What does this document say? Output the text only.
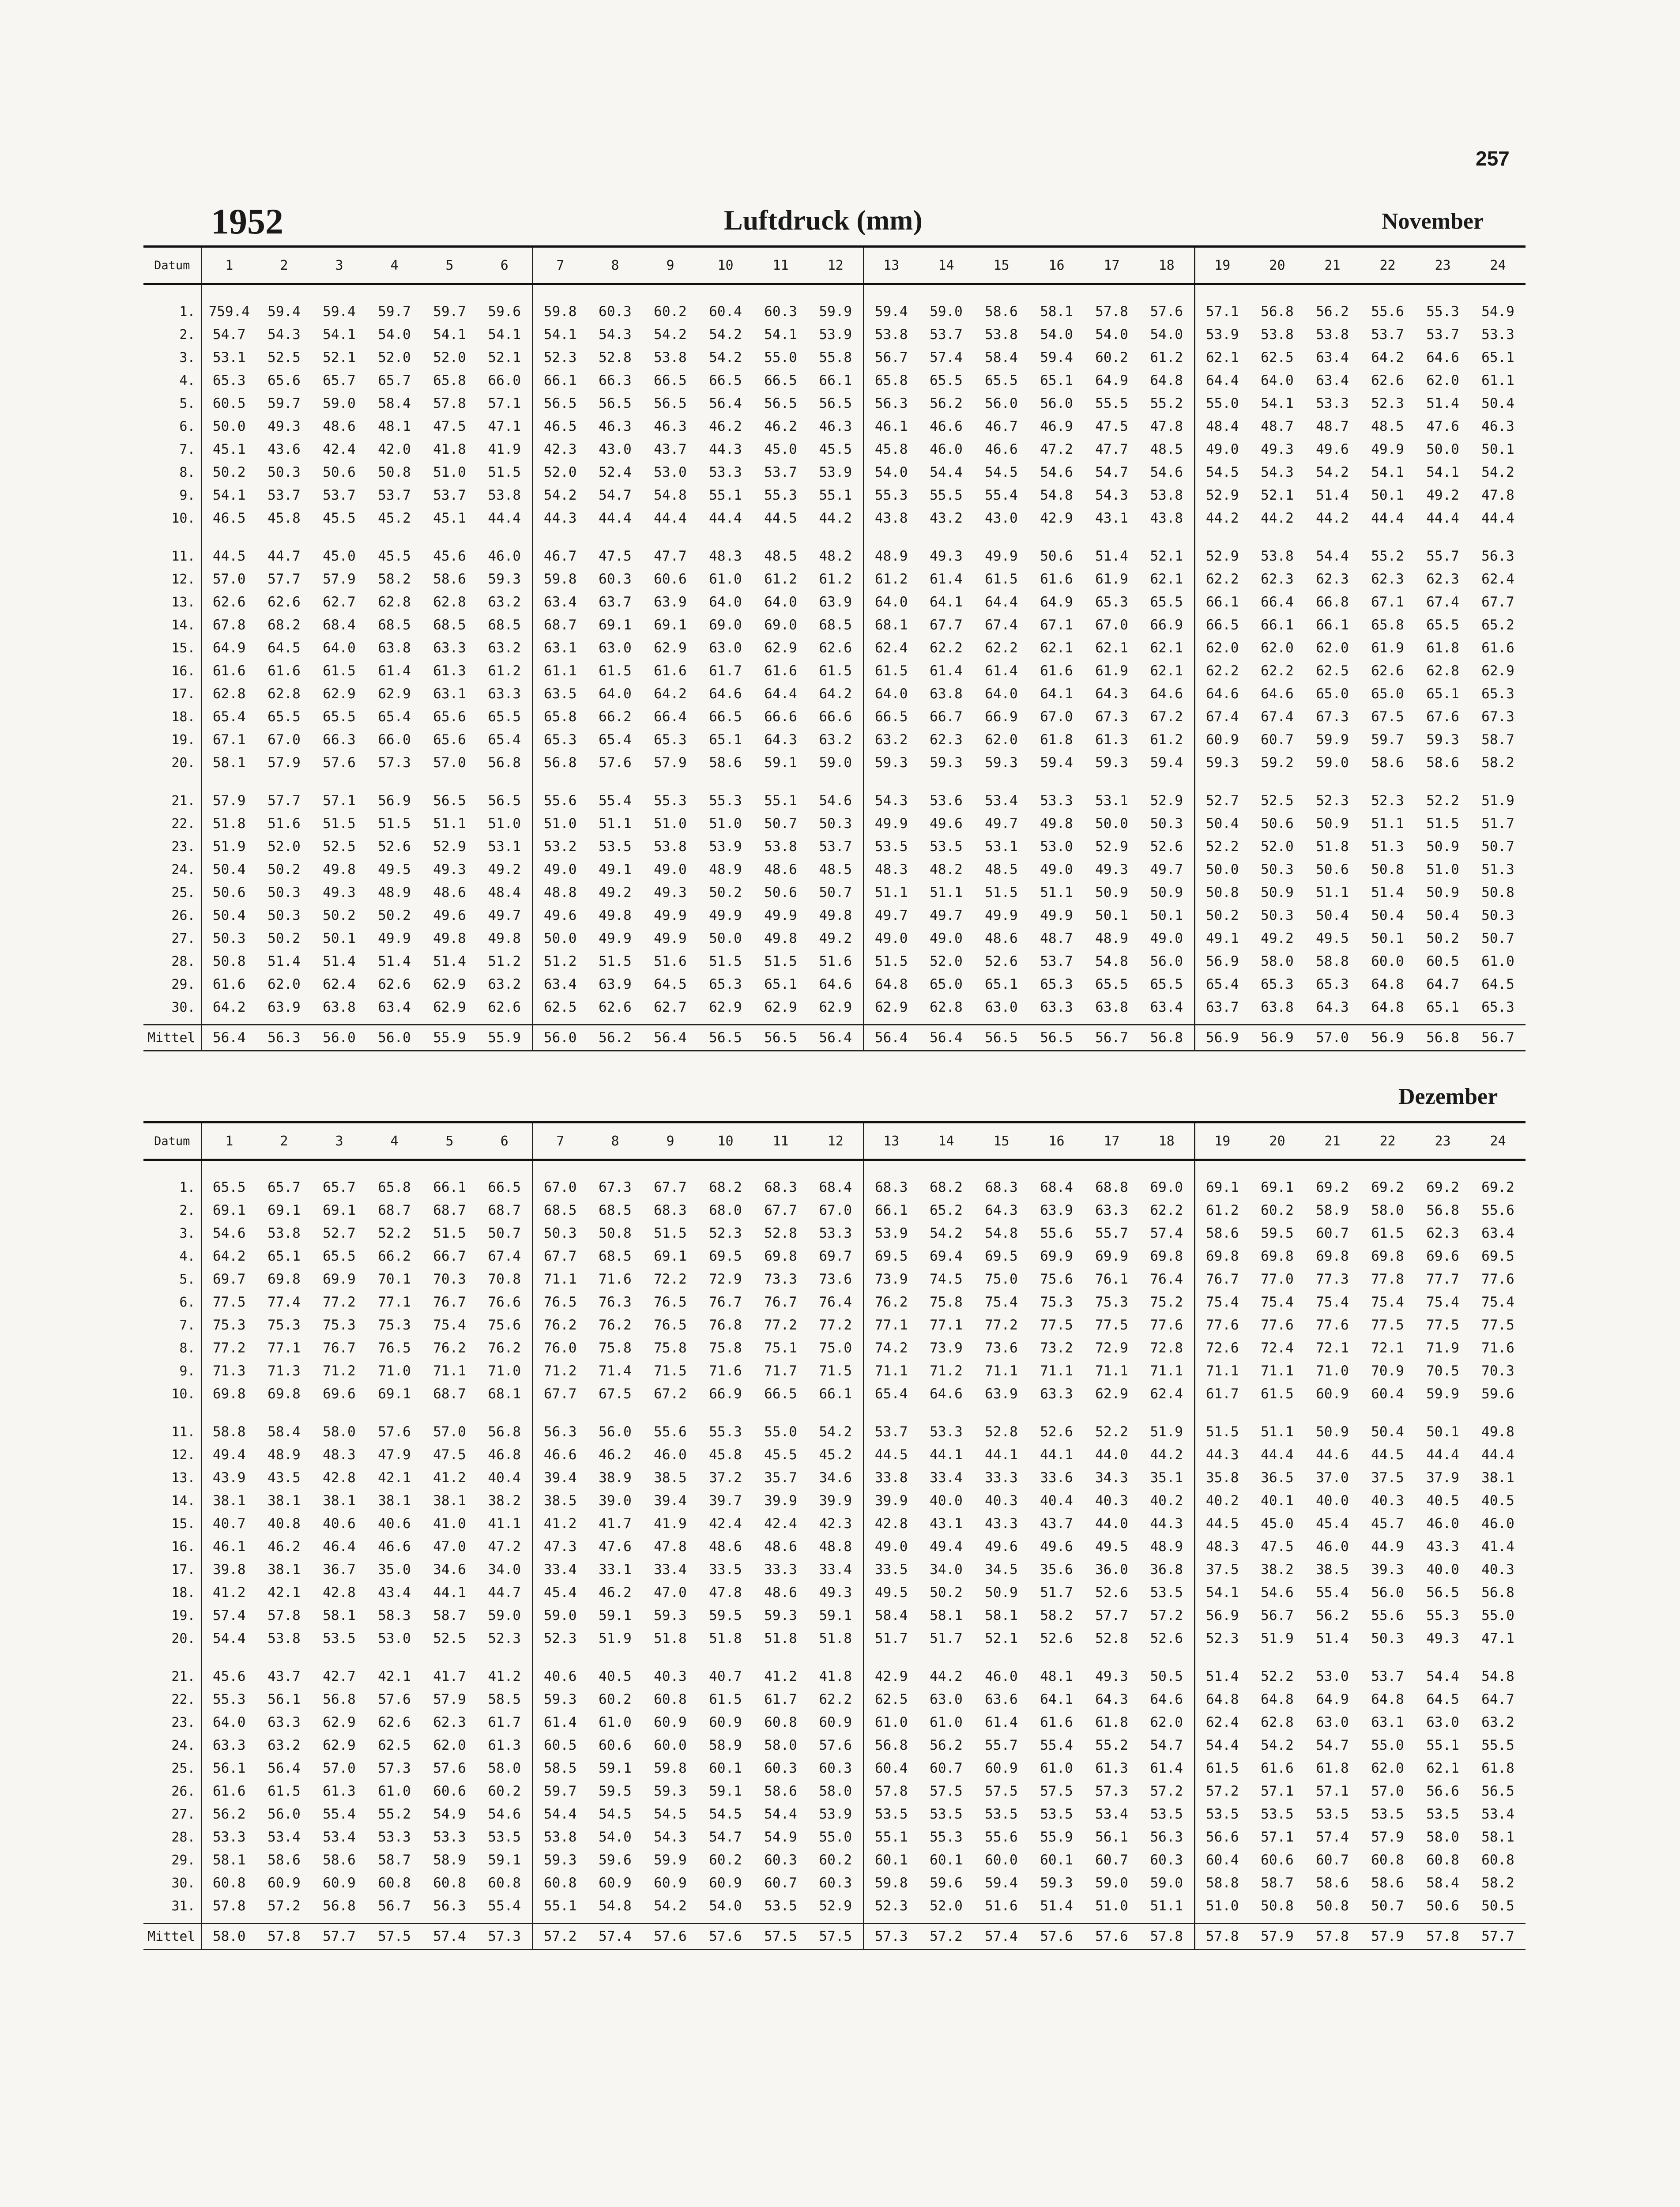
257
1952	Luftdruck (mm)	November
Datum	1	2	3	4	5	6	7	8	9	10	11	12	13	14	15	16	17	18	19	20	21	22	23	24
1.	759.4	59.4	59.4	59.7	59.7	59.6	59.8	60.3	60.2	60.4	60.3	59.9	59.4	59.0	58.6	58.1	57.8	57.6	57.1	56.8	56.2	55.6	55.3	54.9
2.	54.7	54.3	54.1	54.0	54.1	54.1	54.1	54.3	54.2	54.2	54.1	53.9	53.8	53.7	53.8	54.0	54.0	54.0	53.9	53.8	53.8	53.7	53.7	53.3
3.	53.1	52.5	52.1	52.0	52.0	52.1	52.3	52.8	53.8	54.2	55.0	55.8	56.7	57.4	58.4	59.4	60.2	61.2	62.1	62.5	63.4	64.2	64.6	65.1
4.	65.3	65.6	65.7	65.7	65.8	66.0	66.1	66.3	66.5	66.5	66.5	66.1	65.8	65.5	65.5	65.1	64.9	64.8	64.4	64.0	63.4	62.6	62.0	61.1
5.	60.5	59.7	59.0	58.4	57.8	57.1	56.5	56.5	56.5	56.4	56.5	56.5	56.3	56.2	56.0	56.0	55.5	55.2	55.0	54.1	53.3	52.3	51.4	50.4
6.	50.0	49.3	48.6	48.1	47.5	47.1	46.5	46.3	46.3	46.2	46.2	46.3	46.1	46.6	46.7	46.9	47.5	47.8	48.4	48.7	48.7	48.5	47.6	46.3
7.	45.1	43.6	42.4	42.0	41.8	41.9	42.3	43.0	43.7	44.3	45.0	45.5	45.8	46.0	46.6	47.2	47.7	48.5	49.0	49.3	49.6	49.9	50.0	50.1
8.	50.2	50.3	50.6	50.8	51.0	51.5	52.0	52.4	53.0	53.3	53.7	53.9	54.0	54.4	54.5	54.6	54.7	54.6	54.5	54.3	54.2	54.1	54.1	54.2
9.	54.1	53.7	53.7	53.7	53.7	53.8	54.2	54.7	54.8	55.1	55.3	55.1	55.3	55.5	55.4	54.8	54.3	53.8	52.9	52.1	51.4	50.1	49.2	47.8
10.	46.5	45.8	45.5	45.2	45.1	44.4	44.3	44.4	44.4	44.4	44.5	44.2	43.8	43.2	43.0	42.9	43.1	43.8	44.2	44.2	44.2	44.4	44.4	44.4
11.	44.5	44.7	45.0	45.5	45.6	46.0	46.7	47.5	47.7	48.3	48.5	48.2	48.9	49.3	49.9	50.6	51.4	52.1	52.9	53.8	54.4	55.2	55.7	56.3
12.	57.0	57.7	57.9	58.2	58.6	59.3	59.8	60.3	60.6	61.0	61.2	61.2	61.2	61.4	61.5	61.6	61.9	62.1	62.2	62.3	62.3	62.3	62.3	62.4
13.	62.6	62.6	62.7	62.8	62.8	63.2	63.4	63.7	63.9	64.0	64.0	63.9	64.0	64.1	64.4	64.9	65.3	65.5	66.1	66.4	66.8	67.1	67.4	67.7
14.	67.8	68.2	68.4	68.5	68.5	68.5	68.7	69.1	69.1	69.0	69.0	68.5	68.1	67.7	67.4	67.1	67.0	66.9	66.5	66.1	66.1	65.8	65.5	65.2
15.	64.9	64.5	64.0	63.8	63.3	63.2	63.1	63.0	62.9	63.0	62.9	62.6	62.4	62.2	62.2	62.1	62.1	62.1	62.0	62.0	62.0	61.9	61.8	61.6
16.	61.6	61.6	61.5	61.4	61.3	61.2	61.1	61.5	61.6	61.7	61.6	61.5	61.5	61.4	61.4	61.6	61.9	62.1	62.2	62.2	62.5	62.6	62.8	62.9
17.	62.8	62.8	62.9	62.9	63.1	63.3	63.5	64.0	64.2	64.6	64.4	64.2	64.0	63.8	64.0	64.1	64.3	64.6	64.6	64.6	65.0	65.0	65.1	65.3
18.	65.4	65.5	65.5	65.4	65.6	65.5	65.8	66.2	66.4	66.5	66.6	66.6	66.5	66.7	66.9	67.0	67.3	67.2	67.4	67.4	67.3	67.5	67.6	67.3
19.	67.1	67.0	66.3	66.0	65.6	65.4	65.3	65.4	65.3	65.1	64.3	63.2	63.2	62.3	62.0	61.8	61.3	61.2	60.9	60.7	59.9	59.7	59.3	58.7
20.	58.1	57.9	57.6	57.3	57.0	56.8	56.8	57.6	57.9	58.6	59.1	59.0	59.3	59.3	59.3	59.4	59.3	59.4	59.3	59.2	59.0	58.6	58.6	58.2
21.	57.9	57.7	57.1	56.9	56.5	56.5	55.6	55.4	55.3	55.3	55.1	54.6	54.3	53.6	53.4	53.3	53.1	52.9	52.7	52.5	52.3	52.3	52.2	51.9
22.	51.8	51.6	51.5	51.5	51.1	51.0	51.0	51.1	51.0	51.0	50.7	50.3	49.9	49.6	49.7	49.8	50.0	50.3	50.4	50.6	50.9	51.1	51.5	51.7
23.	51.9	52.0	52.5	52.6	52.9	53.1	53.2	53.5	53.8	53.9	53.8	53.7	53.5	53.5	53.1	53.0	52.9	52.6	52.2	52.0	51.8	51.3	50.9	50.7
24.	50.4	50.2	49.8	49.5	49.3	49.2	49.0	49.1	49.0	48.9	48.6	48.5	48.3	48.2	48.5	49.0	49.3	49.7	50.0	50.3	50.6	50.8	51.0	51.3
25.	50.6	50.3	49.3	48.9	48.6	48.4	48.8	49.2	49.3	50.2	50.6	50.7	51.1	51.1	51.5	51.1	50.9	50.9	50.8	50.9	51.1	51.4	50.9	50.8
26.	50.4	50.3	50.2	50.2	49.6	49.7	49.6	49.8	49.9	49.9	49.9	49.8	49.7	49.7	49.9	49.9	50.1	50.1	50.2	50.3	50.4	50.4	50.4	50.3
27.	50.3	50.2	50.1	49.9	49.8	49.8	50.0	49.9	49.9	50.0	49.8	49.2	49.0	49.0	48.6	48.7	48.9	49.0	49.1	49.2	49.5	50.1	50.2	50.7
28.	50.8	51.4	51.4	51.4	51.4	51.2	51.2	51.5	51.6	51.5	51.5	51.6	51.5	52.0	52.6	53.7	54.8	56.0	56.9	58.0	58.8	60.0	60.5	61.0
29.	61.6	62.0	62.4	62.6	62.9	63.2	63.4	63.9	64.5	65.3	65.1	64.6	64.8	65.0	65.1	65.3	65.5	65.5	65.4	65.3	65.3	64.8	64.7	64.5
30.	64.2	63.9	63.8	63.4	62.9	62.6	62.5	62.6	62.7	62.9	62.9	62.9	62.9	62.8	63.0	63.3	63.8	63.4	63.7	63.8	64.3	64.8	65.1	65.3
Mittel	56.4	56.3	56.0	56.0	55.9	55.9	56.0	56.2	56.4	56.5	56.5	56.4	56.4	56.4	56.5	56.5	56.7	56.8	56.9	56.9	57.0	56.9	56.8	56.7
Dezember
Datum	1	2	3	4	5	6	7	8	9	10	11	12	13	14	15	16	17	18	19	20	21	22	23	24
1.	65.5	65.7	65.7	65.8	66.1	66.5	67.0	67.3	67.7	68.2	68.3	68.4	68.3	68.2	68.3	68.4	68.8	69.0	69.1	69.1	69.2	69.2	69.2	69.2
2.	69.1	69.1	69.1	68.7	68.7	68.7	68.5	68.5	68.3	68.0	67.7	67.0	66.1	65.2	64.3	63.9	63.3	62.2	61.2	60.2	58.9	58.0	56.8	55.6
3.	54.6	53.8	52.7	52.2	51.5	50.7	50.3	50.8	51.5	52.3	52.8	53.3	53.9	54.2	54.8	55.6	55.7	57.4	58.6	59.5	60.7	61.5	62.3	63.4
4.	64.2	65.1	65.5	66.2	66.7	67.4	67.7	68.5	69.1	69.5	69.8	69.7	69.5	69.4	69.5	69.9	69.9	69.8	69.8	69.8	69.8	69.8	69.6	69.5
5.	69.7	69.8	69.9	70.1	70.3	70.8	71.1	71.6	72.2	72.9	73.3	73.6	73.9	74.5	75.0	75.6	76.1	76.4	76.7	77.0	77.3	77.8	77.7	77.6
6.	77.5	77.4	77.2	77.1	76.7	76.6	76.5	76.3	76.5	76.7	76.7	76.4	76.2	75.8	75.4	75.3	75.3	75.2	75.4	75.4	75.4	75.4	75.4	75.4
7.	75.3	75.3	75.3	75.3	75.4	75.6	76.2	76.2	76.5	76.8	77.2	77.2	77.1	77.1	77.2	77.5	77.5	77.6	77.6	77.6	77.6	77.5	77.5	77.5
8.	77.2	77.1	76.7	76.5	76.2	76.2	76.0	75.8	75.8	75.8	75.1	75.0	74.2	73.9	73.6	73.2	72.9	72.8	72.6	72.4	72.1	72.1	71.9	71.6
9.	71.3	71.3	71.2	71.0	71.1	71.0	71.2	71.4	71.5	71.6	71.7	71.5	71.1	71.2	71.1	71.1	71.1	71.1	71.1	71.1	71.0	70.9	70.5	70.3
10.	69.8	69.8	69.6	69.1	68.7	68.1	67.7	67.5	67.2	66.9	66.5	66.1	65.4	64.6	63.9	63.3	62.9	62.4	61.7	61.5	60.9	60.4	59.9	59.6
11.	58.8	58.4	58.0	57.6	57.0	56.8	56.3	56.0	55.6	55.3	55.0	54.2	53.7	53.3	52.8	52.6	52.2	51.9	51.5	51.1	50.9	50.4	50.1	49.8
12.	49.4	48.9	48.3	47.9	47.5	46.8	46.6	46.2	46.0	45.8	45.5	45.2	44.5	44.1	44.1	44.1	44.0	44.2	44.3	44.4	44.6	44.5	44.4	44.4
13.	43.9	43.5	42.8	42.1	41.2	40.4	39.4	38.9	38.5	37.2	35.7	34.6	33.8	33.4	33.3	33.6	34.3	35.1	35.8	36.5	37.0	37.5	37.9	38.1
14.	38.1	38.1	38.1	38.1	38.1	38.2	38.5	39.0	39.4	39.7	39.9	39.9	39.9	40.0	40.3	40.4	40.3	40.2	40.2	40.1	40.0	40.3	40.5	40.5
15.	40.7	40.8	40.6	40.6	41.0	41.1	41.2	41.7	41.9	42.4	42.4	42.3	42.8	43.1	43.3	43.7	44.0	44.3	44.5	45.0	45.4	45.7	46.0	46.0
16.	46.1	46.2	46.4	46.6	47.0	47.2	47.3	47.6	47.8	48.6	48.6	48.8	49.0	49.4	49.6	49.6	49.5	48.9	48.3	47.5	46.0	44.9	43.3	41.4
17.	39.8	38.1	36.7	35.0	34.6	34.0	33.4	33.1	33.4	33.5	33.3	33.4	33.5	34.0	34.5	35.6	36.0	36.8	37.5	38.2	38.5	39.3	40.0	40.3
18.	41.2	42.1	42.8	43.4	44.1	44.7	45.4	46.2	47.0	47.8	48.6	49.3	49.5	50.2	50.9	51.7	52.6	53.5	54.1	54.6	55.4	56.0	56.5	56.8
19.	57.4	57.8	58.1	58.3	58.7	59.0	59.0	59.1	59.3	59.5	59.3	59.1	58.4	58.1	58.1	58.2	57.7	57.2	56.9	56.7	56.2	55.6	55.3	55.0
20.	54.4	53.8	53.5	53.0	52.5	52.3	52.3	51.9	51.8	51.8	51.8	51.8	51.7	51.7	52.1	52.6	52.8	52.6	52.3	51.9	51.4	50.3	49.3	47.1
21.	45.6	43.7	42.7	42.1	41.7	41.2	40.6	40.5	40.3	40.7	41.2	41.8	42.9	44.2	46.0	48.1	49.3	50.5	51.4	52.2	53.0	53.7	54.4	54.8
22.	55.3	56.1	56.8	57.6	57.9	58.5	59.3	60.2	60.8	61.5	61.7	62.2	62.5	63.0	63.6	64.1	64.3	64.6	64.8	64.8	64.9	64.8	64.5	64.7
23.	64.0	63.3	62.9	62.6	62.3	61.7	61.4	61.0	60.9	60.9	60.8	60.9	61.0	61.0	61.4	61.6	61.8	62.0	62.4	62.8	63.0	63.1	63.0	63.2
24.	63.3	63.2	62.9	62.5	62.0	61.3	60.5	60.6	60.0	58.9	58.0	57.6	56.8	56.2	55.7	55.4	55.2	54.7	54.4	54.2	54.7	55.0	55.1	55.5
25.	56.1	56.4	57.0	57.3	57.6	58.0	58.5	59.1	59.8	60.1	60.3	60.3	60.4	60.7	60.9	61.0	61.3	61.4	61.5	61.6	61.8	62.0	62.1	61.8
26.	61.6	61.5	61.3	61.0	60.6	60.2	59.7	59.5	59.3	59.1	58.6	58.0	57.8	57.5	57.5	57.5	57.3	57.2	57.2	57.1	57.1	57.0	56.6	56.5
27.	56.2	56.0	55.4	55.2	54.9	54.6	54.4	54.5	54.5	54.5	54.4	53.9	53.5	53.5	53.5	53.5	53.4	53.5	53.5	53.5	53.5	53.5	53.5	53.4
28.	53.3	53.4	53.4	53.3	53.3	53.5	53.8	54.0	54.3	54.7	54.9	55.0	55.1	55.3	55.6	55.9	56.1	56.3	56.6	57.1	57.4	57.9	58.0	58.1
29.	58.1	58.6	58.6	58.7	58.9	59.1	59.3	59.6	59.9	60.2	60.3	60.2	60.1	60.1	60.0	60.1	60.7	60.3	60.4	60.6	60.7	60.8	60.8	60.8
30.	60.8	60.9	60.9	60.8	60.8	60.8	60.8	60.9	60.9	60.9	60.7	60.3	59.8	59.6	59.4	59.3	59.0	59.0	58.8	58.7	58.6	58.6	58.4	58.2
31.	57.8	57.2	56.8	56.7	56.3	55.4	55.1	54.8	54.2	54.0	53.5	52.9	52.3	52.0	51.6	51.4	51.0	51.1	51.0	50.8	50.8	50.7	50.6	50.5
Mittel	58.0	57.8	57.7	57.5	57.4	57.3	57.2	57.4	57.6	57.6	57.5	57.5	57.3	57.2	57.4	57.6	57.6	57.8	57.8	57.9	57.8	57.9	57.8	57.7
